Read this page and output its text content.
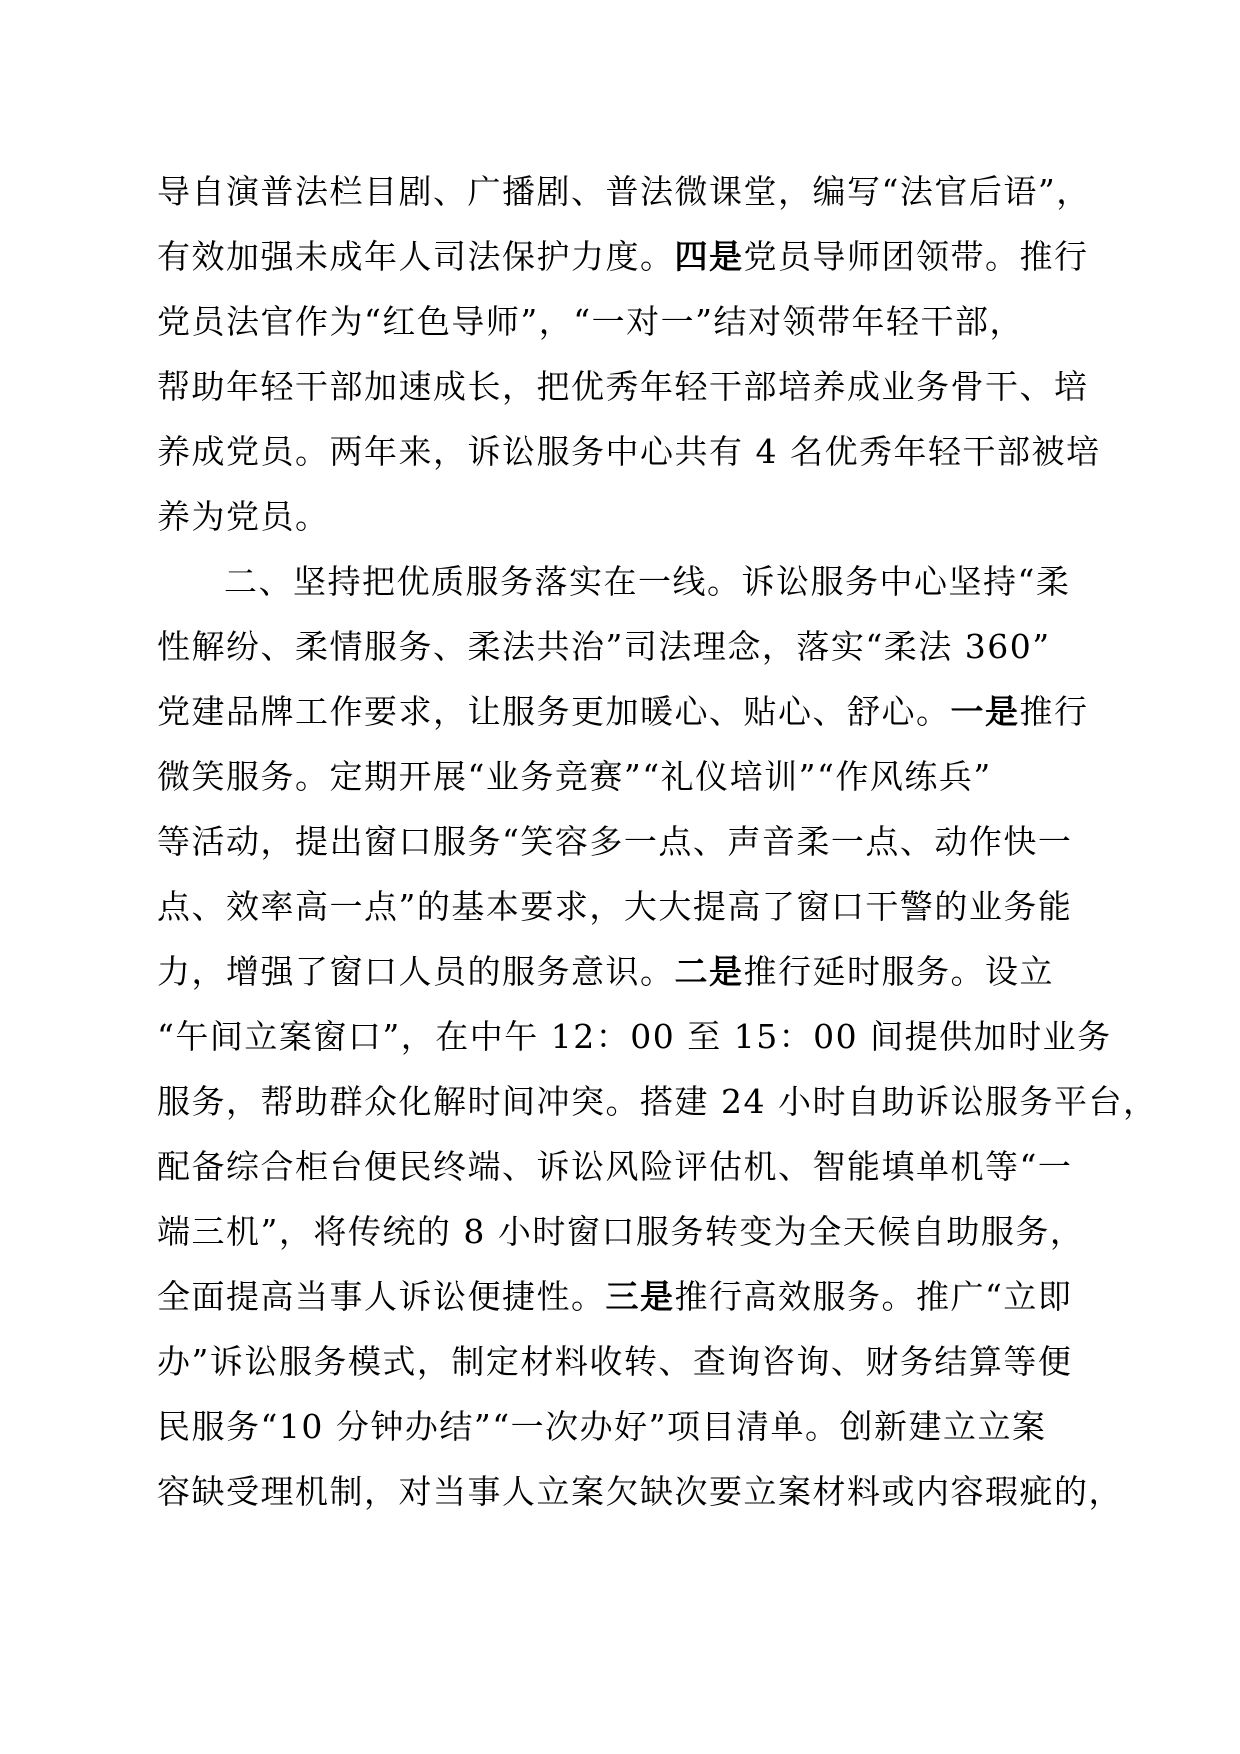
导自演普法栏目剧、广播剧、普法微课堂，编写“法官后语”，
有效加强未成年人司法保护力度。四是党员导师团领带。推行
党员法官作为“红色导师”，“一对一”结对领带年轻干部，
帮助年轻干部加速成长，把优秀年轻干部培养成业务骨干、培
养成党员。两年来，诉讼服务中心共有 4 名优秀年轻干部被培
养为党员。
二、坚持把优质服务落实在一线。诉讼服务中心坚持“柔
性解纷、柔情服务、柔法共治”司法理念，落实“柔法 360”
党建品牌工作要求，让服务更加暖心、贴心、舒心。一是推行
微笑服务。定期开展“业务竞赛”“礼仪培训”“作风练兵”
等活动，提出窗口服务“笑容多一点、声音柔一点、动作快一
点、效率高一点”的基本要求，大大提高了窗口干警的业务能
力，增强了窗口人员的服务意识。二是推行延时服务。设立
“午间立案窗口”，在中午 12：00 至 15：00 间提供加时业务
服务，帮助群众化解时间冲突。搭建 24 小时自助诉讼服务平台，
配备综合柜台便民终端、诉讼风险评估机、智能填单机等“一
端三机”，将传统的 8 小时窗口服务转变为全天候自助服务，
全面提高当事人诉讼便捷性。三是推行高效服务。推广“立即
办”诉讼服务模式，制定材料收转、查询咨询、财务结算等便
民服务“10 分钟办结”“一次办好”项目清单。创新建立立案
容缺受理机制，对当事人立案欠缺次要立案材料或内容瑕疵的，
